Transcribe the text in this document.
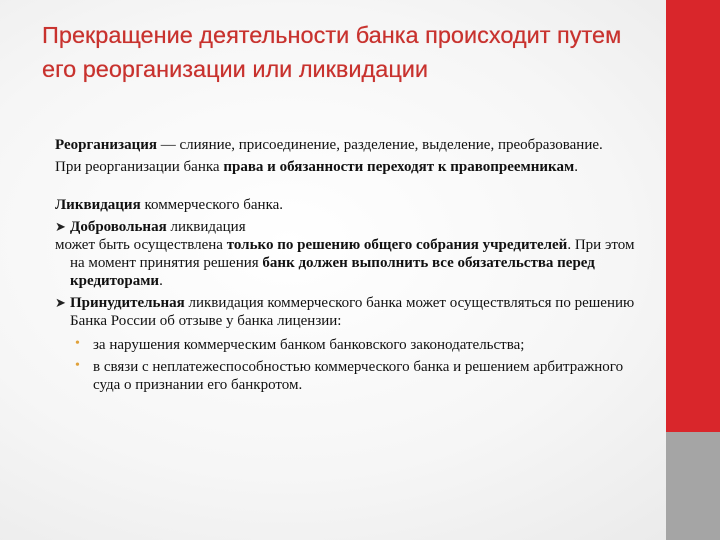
Прекращение деятельности банка происходит путем его реорганизации или ликвидации

Реорганизация — слияние, присоединение, разделение, выделение, преобразование.

При реорганизации банка права и обязанности переходят к правопреемникам.

Ликвидация коммерческого банка.

➤ Добровольная ликвидация

может быть осуществлена только по решению общего собрания учредителей. При этом на момент принятия решения банк должен выполнить все обязательства перед кредиторами.

➤ Принудительная ликвидация коммерческого банка может осуществляться по решению Банка России об отзыве у банка лицензии:

• за нарушения коммерческим банком банковского законодательства;
• в связи с неплатежеспособностью коммерческого банка и решением арбитражного суда о признании его банкротом.
